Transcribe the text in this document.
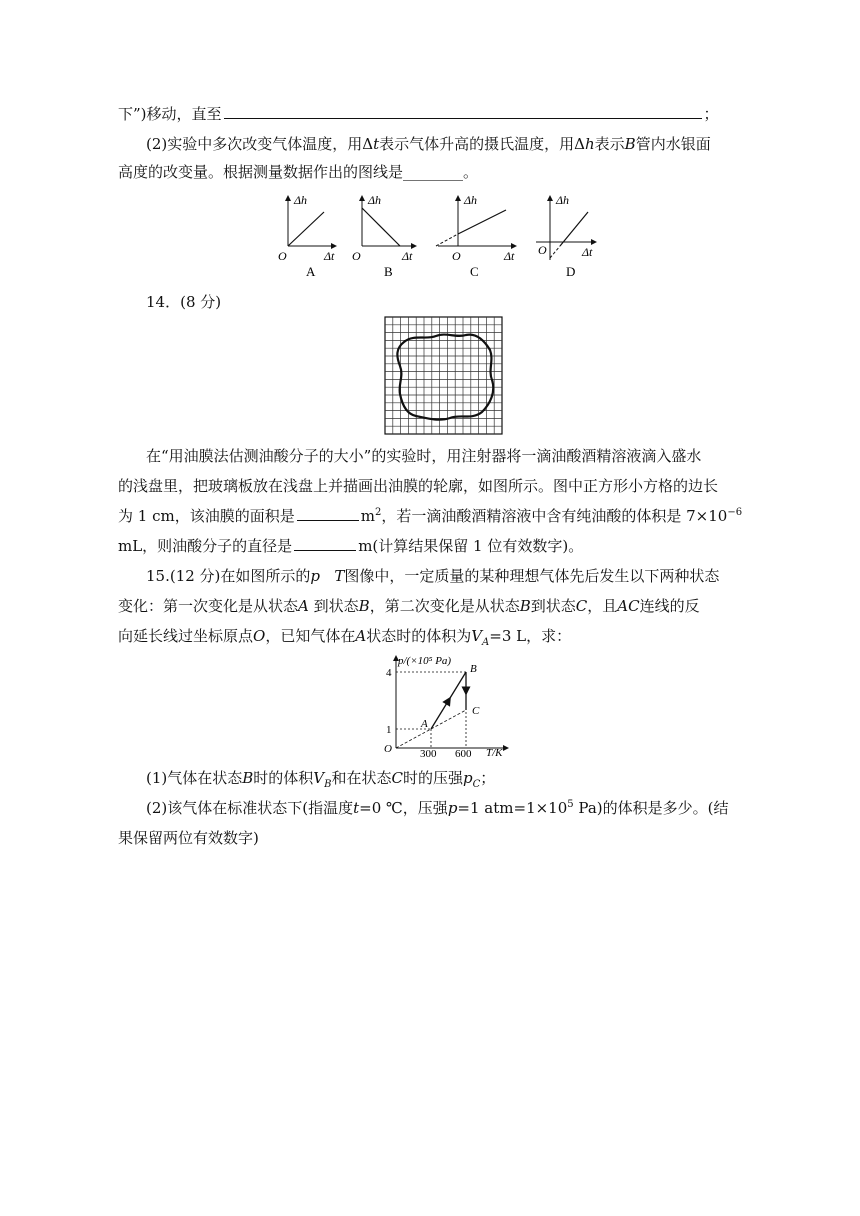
下”)移动，直至	；
(2)实验中多次改变气体温度，用Δt表示气体升高的摄氏温度，用Δh表示B管内水银面
高度的改变量。根据测量数据作出的图线是________。
Δh
Δt
O
A
Δh
Δt
O
B
Δh
Δt
O
C
Δh
Δt
O
D
14．(8 分)
在“用油膜法估测油酸分子的大小”的实验时，用注射器将一滴油酸酒精溶液滴入盛水
的浅盘里，把玻璃板放在浅盘上并描画出油膜的轮廓，如图所示。图中正方形小方格的边长
为 1 cm，该油膜的面积是	$m^2$，若一滴油酸酒精溶液中含有纯油酸的体积是 $7\times 10^{-6}$
mL，则油酸分子的直径是	m(计算结果保留 1 位有效数字)。
15.(12 分)在如图所示的p T图像中，一定质量的某种理想气体先后发生以下两种状态
变化：第一次变化是从状态A 到状态B，第二次变化是从状态B到状态C，且AC连线的反
向延长线过坐标原点O，已知气体在A状态时的体积为$V_A=3$ L，求：
p/(×10⁵ Pa)
T/K
O
4
1
300 600
A
B
C
(1)气体在状态B时的体积$V_B$和在状态C时的压强$p_C$；
(2)该气体在标准状态下(指温度t=0 ℃，压强p=1 $atm=1\times 10^5$ Pa)的体积是多少。(结
果保留两位有效数字)
